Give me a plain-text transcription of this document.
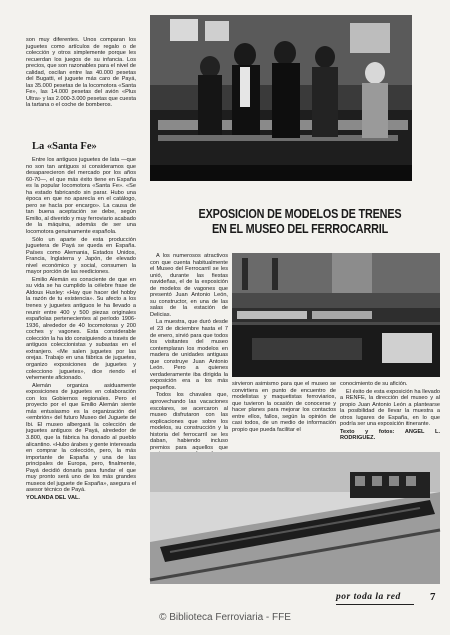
son muy diferentes. Unos comparan los juguetes como artículos de regalo o de colección y otros simplemente porque les recuerdan los juegos de su infancia. Los precios, que son razonables para el nivel de calidad, oscilan entre las 40.000 pesetas del Bugatti, el juguete más caro de Payá, las 35.000 pesetas de la locomotora «Santa Fe», las 14.000 pesetas del avión «Plus Ultra» y las 2.000-3.000 pesetas que cuesta la tartana o el coche de bomberos.

La «Santa Fe»

Entre los antiguos juguetes de lata —que no son tan antiguos si consideramos que desaparecieron del mercado por los años 60-70—, el que más éxito tiene en España es la popular locomotora «Santa Fe». «Se ha estado fabricando sin parar. Hubo una época en que no aparecía en el catálogo, pero se hacía por encargo». La causa de tan buena aceptación se debe, según Emilio, al diverido y muy ferroviario acabado de la máquina, además de ser una locomotora genuinamente española.

Sólo un aparte de esta producción juguetera de Payá se queda en España. Países como Alemania, Estados Unidos, Francia, Inglaterra y Japón, de elevado nivel económico y social, consumen la mayor porción de las reediciones.

Emilio Alemán es consciente de que en su vida se ha cumplido la célebre frase de Aldous Huxley: «Hay que hacer del hobby la razón de tu existencia». Su afecto a los trenes y juguetes antiguos le ha llevado a reunir entre 400 y 500 piezas originales españolas pertenecientes al período 1906-1936, alrededor de 40 locomotoras y 200 coches y vagones. Esta considerable colección la ha ido consiguiendo a través de antiguos coleccionistas y subastas en el extranjero. «Me salen juguetes por las orejas. Trabajo en una fábrica de juguetes, organizo exposiciones de juguetes y colecciono juguetes», dice riendo el vehemente aficionado.

Alemán organiza asiduamente exposiciones de juguetes en colaboración con los Gobiernos regionales. Pero el proyecto por el que Emilio Alemán siente más entusiasmo es la organización del «embrión» del futuro Museo del Juguete de Ibi. El museo albergará la colección de juguetes antiguos de Payá, alrededor de 3.800, que la fábrica ha donado al pueblo alicantino. «Hubo árabes y gente interesada en comprar la colección, pero, la más importante de España y una de las principales de Europa, pero, finalmente, Payá decidió donarla para fundar el que muy pronto será uno de los más grandes museos del juguete de España», asegura el asesor técnico de Payá.

YOLANDA DEL VAL.

EXPOSICION DE MODELOS DE TRENES
EN EL MUSEO DEL FERROCARRIL

A los numerosos atractivos con que cuenta habitualmente el Museo del Ferrocarril se les unió, durante las fiestas navideñas, el de la exposición de modelos de vagones que presentó Juan Antonio León, su constructor, en una de las salas de la estación de Delicias.

La muestra, que duró desde el 23 de diciembre hasta el 7 de enero, sirvió para que todos los visitantes del museo contemplaran los modelos en madera de unidades antiguas que construye Juan Antonio León. Pero a quienes verdaderamente iba dirigida la exposición era a los más pequeños.

Todos los chavales que, aprovechando las vacaciones escolares, se acercaron al museo disfrutaron con las explicaciones que sobre los modelos, su construcción y la historia del ferrocarril se les daban, habiendo incluso premios para aquellos que

sirvieron asimismo para que el museo se convirtiera en punto de encuentro de modelistas y maquetistas ferroviarios, que tuvieron la ocasión de conocerse y hacer planes para mejorar los contactos entre ellos, fallos, según la opinión de casi todos, de un medio de información propio que pueda facilitar el

conocimiento de su afición.

El éxito de esta exposición ha llevado a RENFE, la dirección del museo y al propio Juan Antonio León a plantearse la posibilidad de llevar la muestra a otros lugares de España, en lo que podría ser una exposición itinerante.

Texto y fotos: ANGEL L. RODRIGUEZ.

por toda la red	7
© Biblioteca Ferroviaria - FFE
